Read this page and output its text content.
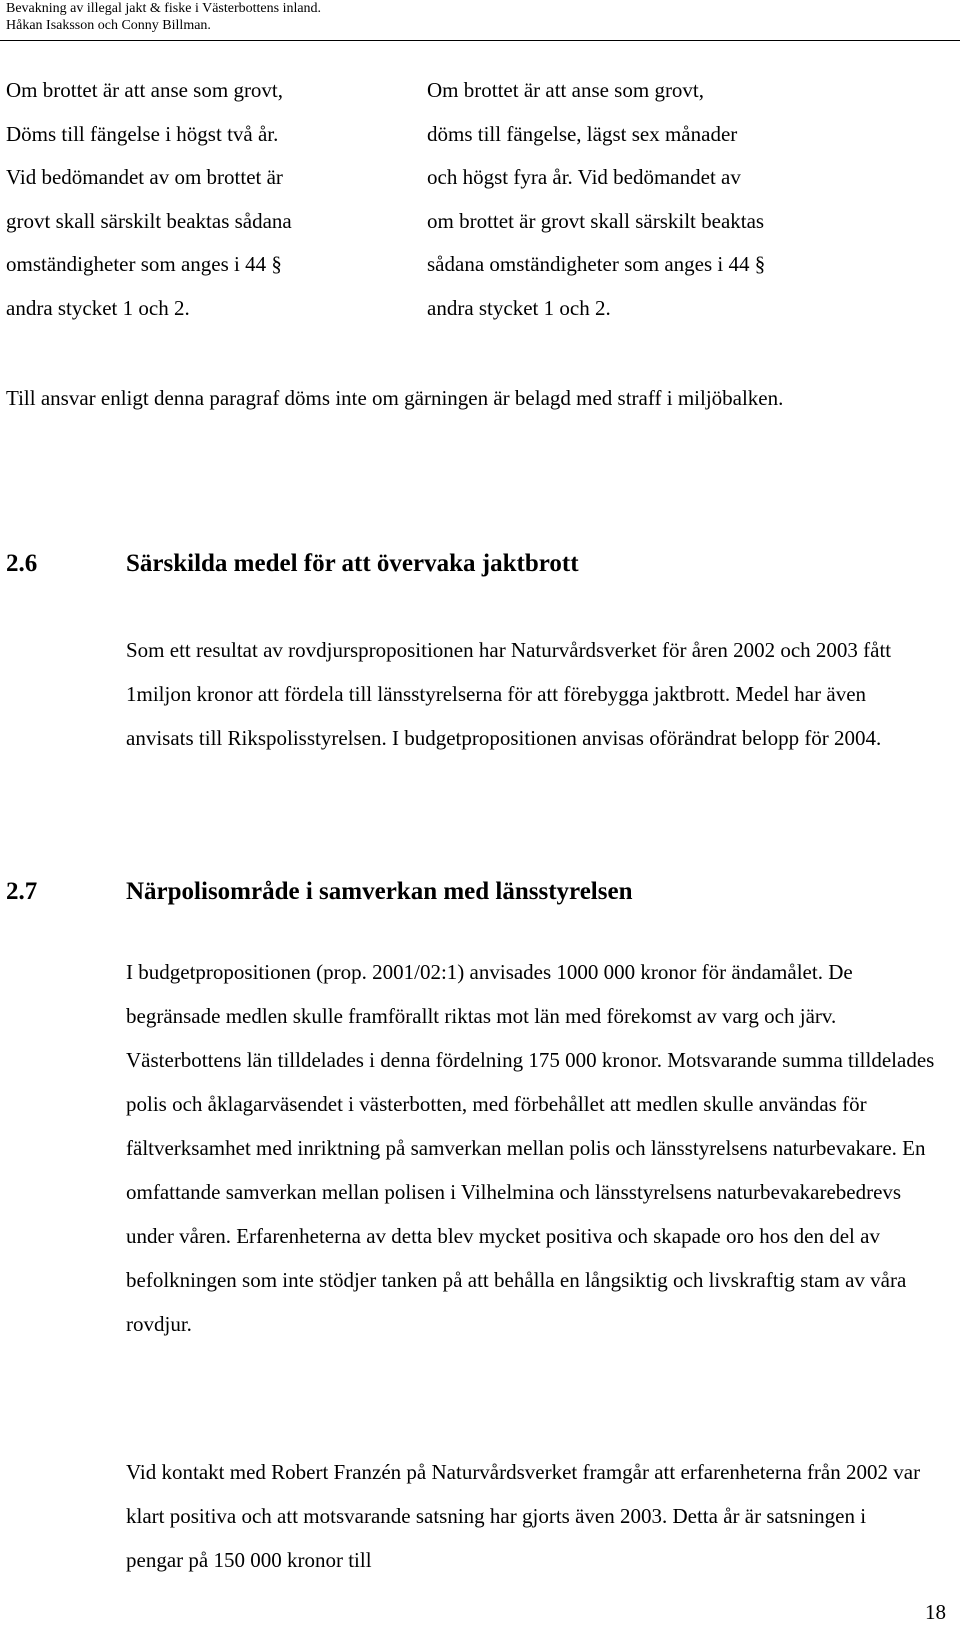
Bevakning av illegal jakt & fiske i Västerbottens inland.
Håkan Isaksson och Conny Billman.
Om brottet är att anse som grovt,
Döms till fängelse i högst två år.
Vid bedömandet av om brottet är
grovt skall särskilt beaktas sådana
omständigheter som anges i 44 §
andra stycket 1 och 2.
Om brottet är att anse som grovt,
döms till fängelse, lägst sex månader
och högst fyra år. Vid bedömandet av
om brottet är grovt skall särskilt beaktas
sådana omständigheter som anges i 44 §
andra stycket 1 och 2.
Till ansvar enligt denna paragraf döms inte om gärningen är belagd med straff i miljöbalken.
2.6	Särskilda medel för att övervaka jaktbrott
Som ett resultat av rovdjurspropositionen har Naturvårdsverket för åren 2002 och 2003 fått 1miljon kronor att fördela till länsstyrelserna för att förebygga jaktbrott. Medel har även anvisats till Rikspolisstyrelsen. I budgetpropositionen anvisas oförändrat belopp för 2004.
2.7	Närpolisområde i samverkan med länsstyrelsen
I budgetpropositionen (prop. 2001/02:1) anvisades 1000 000 kronor för ändamålet. De begränsade medlen skulle framförallt riktas mot län med förekomst av varg och järv. Västerbottens län tilldelades i denna fördelning 175 000 kronor. Motsvarande summa tilldelades polis och åklagarväsendet i västerbotten, med förbehållet att medlen skulle användas för fältverksamhet med inriktning på samverkan mellan polis och länsstyrelsens naturbevakare. En omfattande samverkan mellan polisen i Vilhelmina och länsstyrelsens naturbevakarebedrevs under våren. Erfarenheterna av detta blev mycket positiva och skapade oro hos den del av befolkningen som inte stödjer tanken på att behålla en långsiktig och livskraftig stam av våra rovdjur.
Vid kontakt med Robert Franzén på Naturvårdsverket framgår att erfarenheterna från 2002 var klart positiva och att motsvarande satsning har gjorts även 2003. Detta år är satsningen i pengar på 150 000 kronor till
18
